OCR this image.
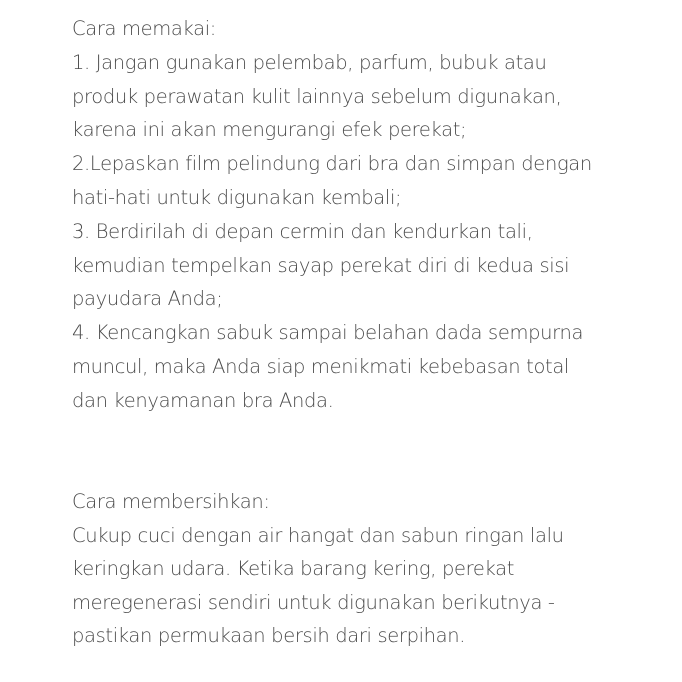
Cara memakai:
1. Jangan gunakan pelembab, parfum, bubuk atau
produk perawatan kulit lainnya sebelum digunakan,
karena ini akan mengurangi efek perekat;
2.Lepaskan film pelindung dari bra dan simpan dengan
hati-hati untuk digunakan kembali;
3. Berdirilah di depan cermin dan kendurkan tali,
kemudian tempelkan sayap perekat diri di kedua sisi
payudara Anda;
4. Kencangkan sabuk sampai belahan dada sempurna
muncul, maka Anda siap menikmati kebebasan total
dan kenyamanan bra Anda.
Cara membersihkan:
Cukup cuci dengan air hangat dan sabun ringan lalu
keringkan udara. Ketika barang kering, perekat
meregenerasi sendiri untuk digunakan berikutnya -
pastikan permukaan bersih dari serpihan.
